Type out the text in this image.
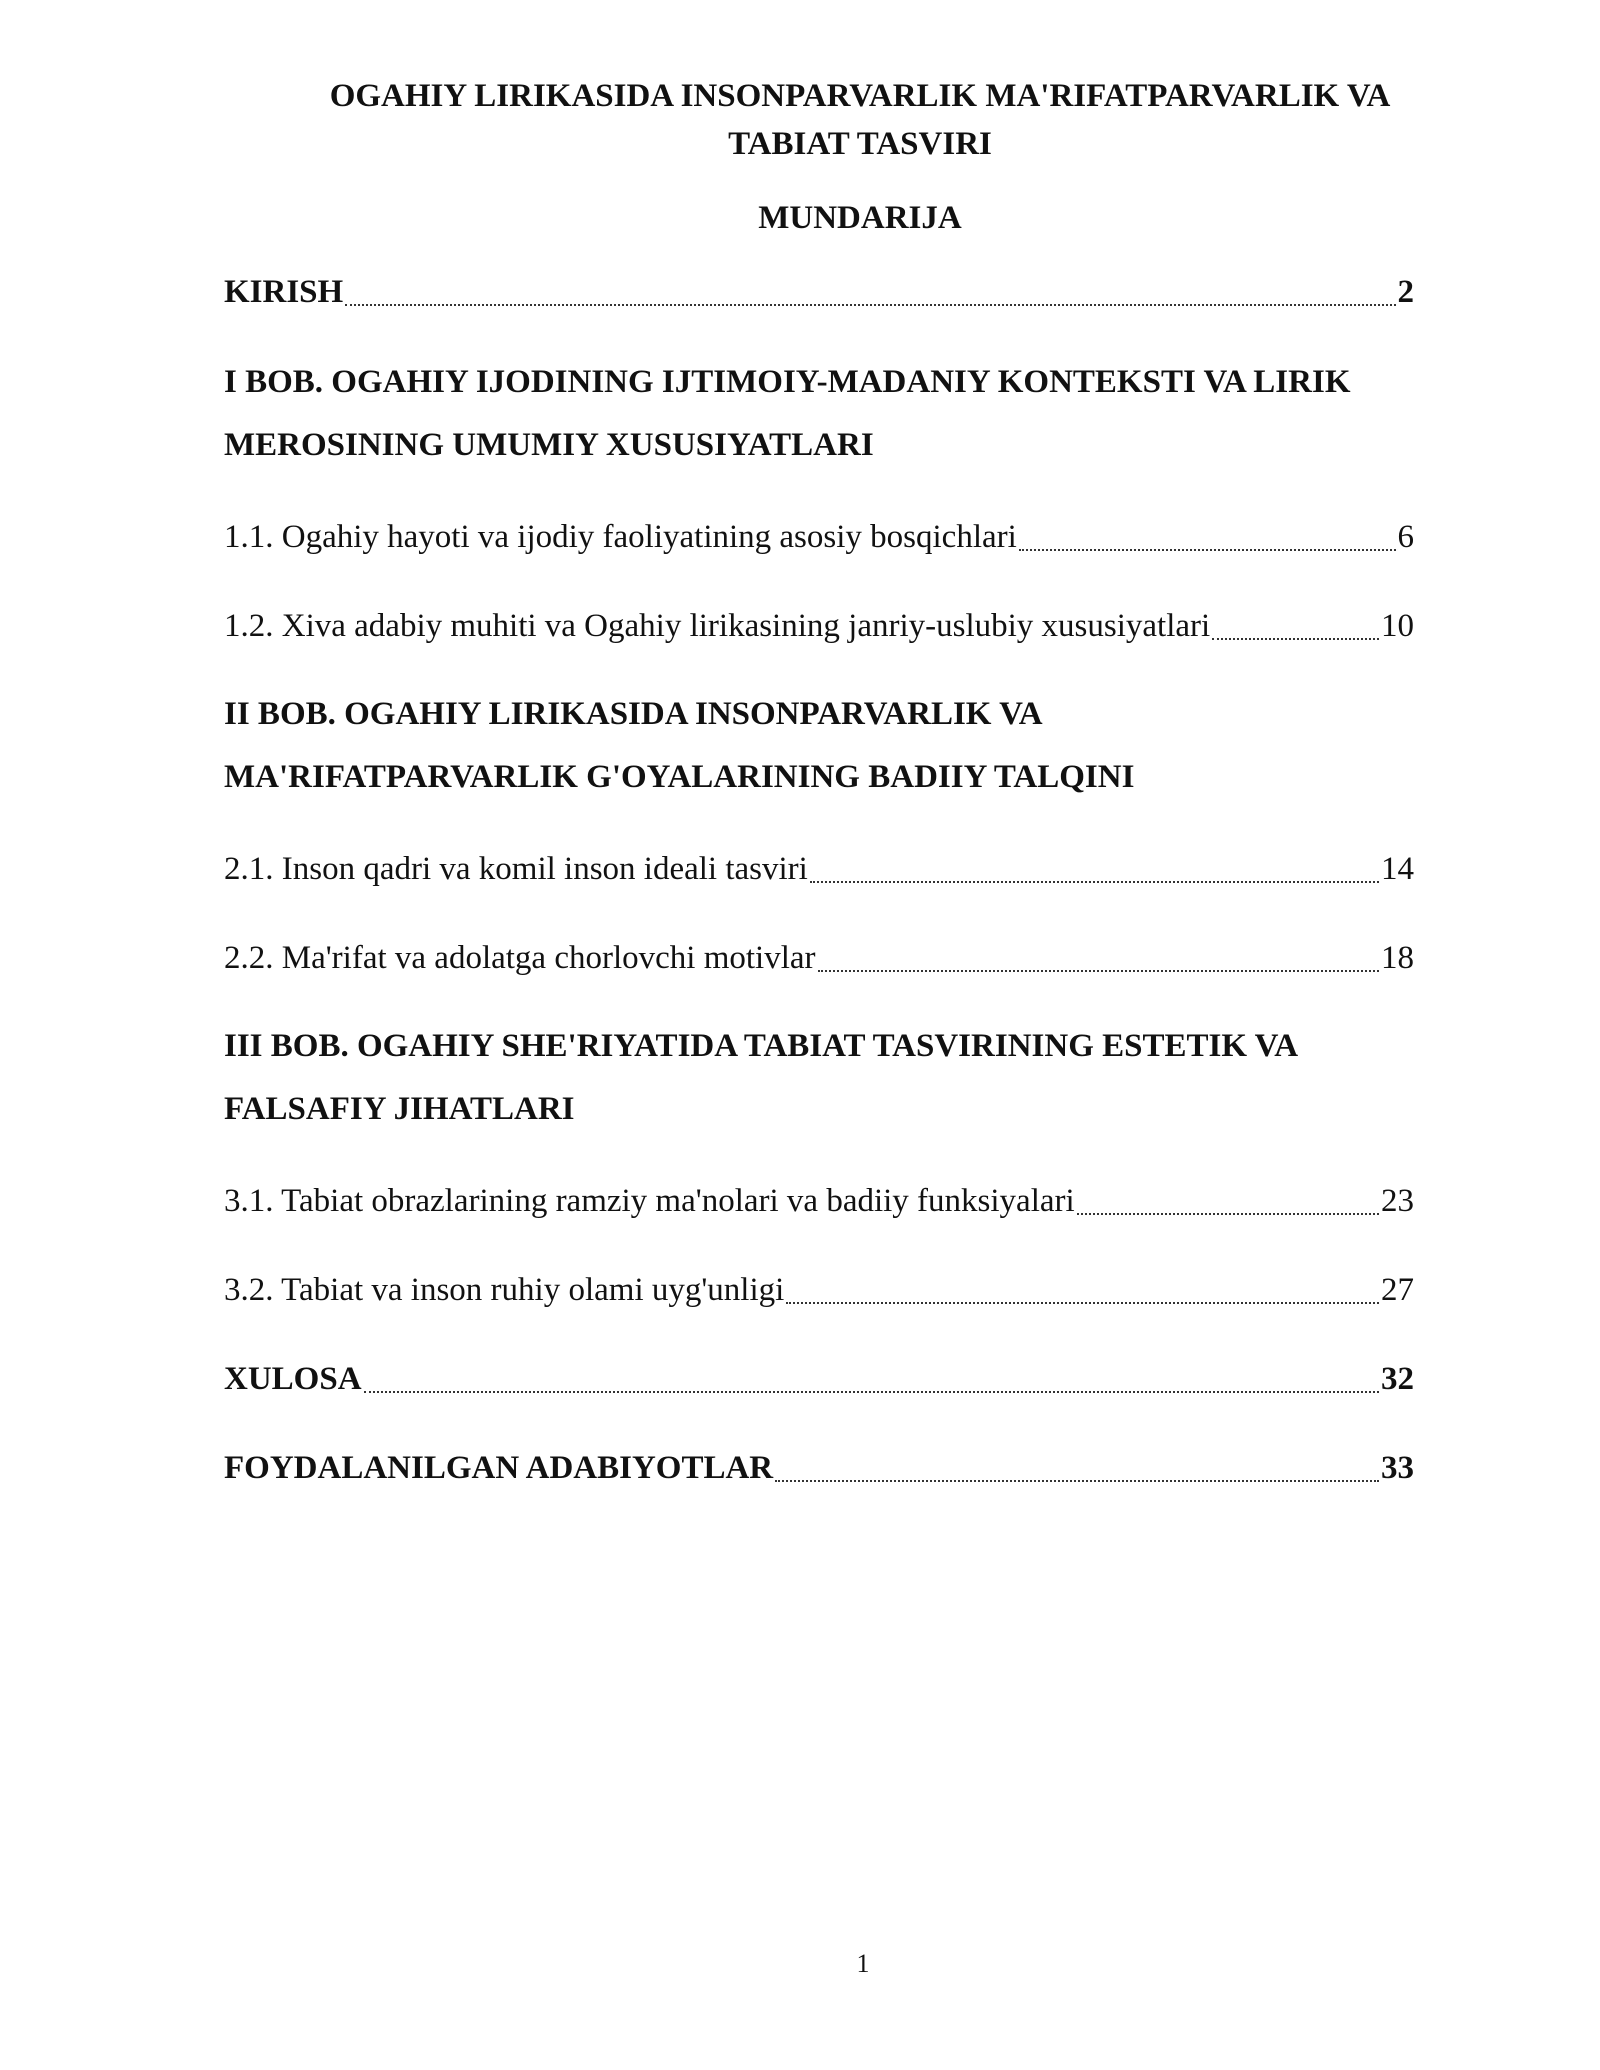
OGAHIY LIRIKASIDA INSONPARVARLIK MA'RIFATPARVARLIK VA
TABIAT TASVIRI
MUNDARIJA
KIRISH	2
I BOB. OGAHIY IJODINING IJTIMOIY-MADANIY KONTEKSTI VA LIRIK
MEROSINING UMUMIY XUSUSIYATLARI
1.1. Ogahiy hayoti va ijodiy faoliyatining asosiy bosqichlari	6
1.2. Xiva adabiy muhiti va Ogahiy lirikasining janriy-uslubiy xususiyatlari	10
II BOB. OGAHIY LIRIKASIDA INSONPARVARLIK VA
MA'RIFATPARVARLIK G'OYALARINING BADIIY TALQINI
2.1. Inson qadri va komil inson ideali tasviri	14
2.2. Ma'rifat va adolatga chorlovchi motivlar	18
III BOB. OGAHIY SHE'RIYATIDA TABIAT TASVIRINING ESTETIK VA
FALSAFIY JIHATLARI
3.1. Tabiat obrazlarining ramziy ma'nolari va badiiy funksiyalari	23
3.2. Tabiat va inson ruhiy olami uyg'unligi	27
XULOSA	32
FOYDALANILGAN ADABIYOTLAR	33
1
